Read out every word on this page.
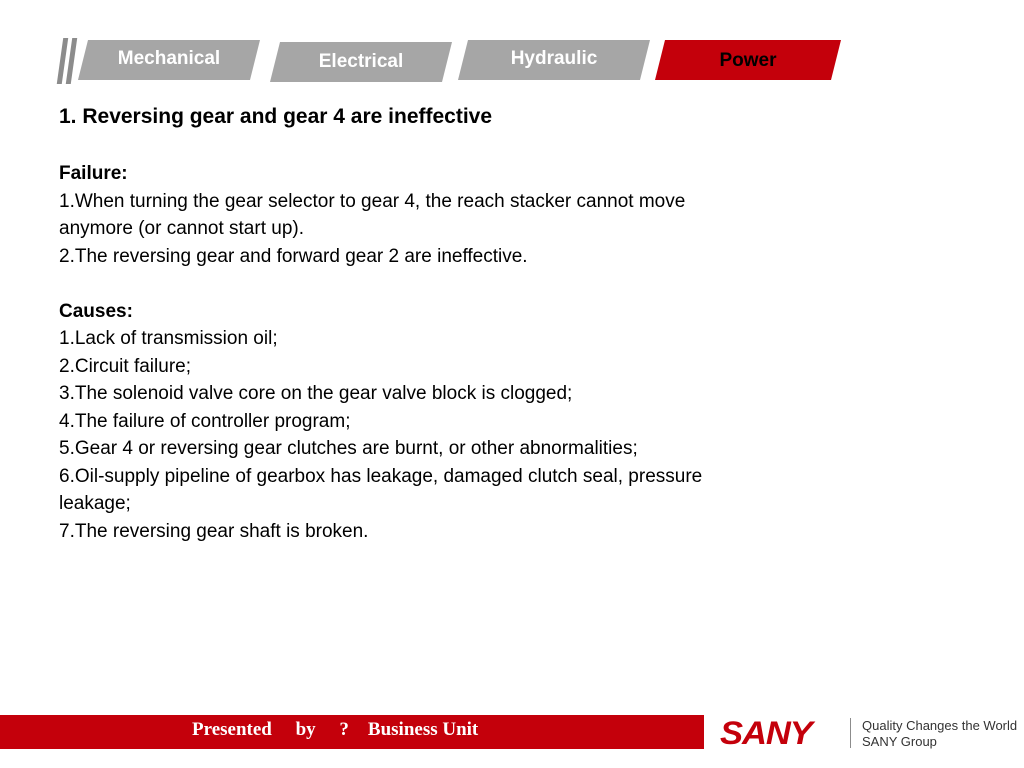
Mechanical	Electrical	Hydraulic	Power

1. Reversing gear and gear 4 are ineffective

Failure:

1.When turning the gear selector to gear 4, the reach stacker cannot move

anymore (or cannot start up).

2.The reversing gear and forward gear 2 are ineffective.

Causes:

1.Lack of transmission oil;

2.Circuit failure;

3.The solenoid valve core on the gear valve block is clogged;

4.The failure of controller program;

5.Gear 4 or reversing gear clutches are burnt, or other abnormalities;

6.Oil-supply pipeline of gearbox has leakage, damaged clutch seal, pressure

leakage;

7.The reversing gear shaft is broken.

Presented     by     ?    Business Unit	SANY	Quality Changes the World
SANY Group
